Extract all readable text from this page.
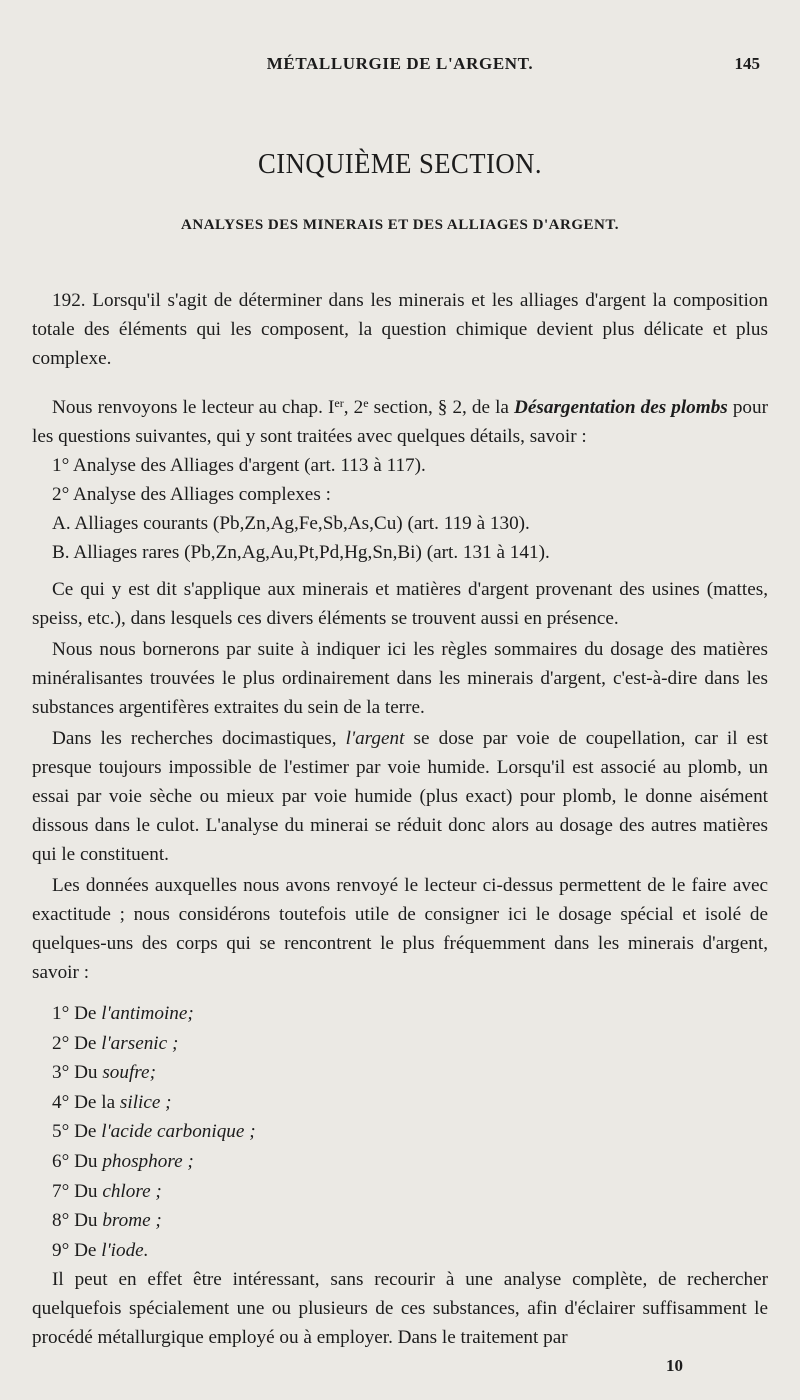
MÉTALLURGIE DE L'ARGENT.	145
CINQUIÈME SECTION.
ANALYSES DES MINERAIS ET DES ALLIAGES D'ARGENT.

192. Lorsqu'il s'agit de déterminer dans les minerais et les alliages d'argent la composition totale des éléments qui les composent, la question chimique devient plus délicate et plus complexe.

Nous renvoyons le lecteur au chap. Ier, 2e section, § 2, de la Désargentation des plombs pour les questions suivantes, qui y sont traitées avec quelques détails, savoir :

1° Analyse des Alliages d'argent (art. 113 à 117).

2° Analyse des Alliages complexes :

A. Alliages courants (Pb,Zn,Ag,Fe,Sb,As,Cu) (art. 119 à 130).

B. Alliages rares (Pb,Zn,Ag,Au,Pt,Pd,Hg,Sn,Bi) (art. 131 à 141).

Ce qui y est dit s'applique aux minerais et matières d'argent provenant des usines (mattes, speiss, etc.), dans lesquels ces divers éléments se trouvent aussi en présence.

Nous nous bornerons par suite à indiquer ici les règles sommaires du dosage des matières minéralisantes trouvées le plus ordinairement dans les minerais d'argent, c'est-à-dire dans les substances argentifères extraites du sein de la terre.

Dans les recherches docimastiques, l'argent se dose par voie de coupellation, car il est presque toujours impossible de l'estimer par voie humide. Lorsqu'il est associé au plomb, un essai par voie sèche ou mieux par voie humide (plus exact) pour plomb, le donne aisément dissous dans le culot. L'analyse du minerai se réduit donc alors au dosage des autres matières qui le constituent.

Les données auxquelles nous avons renvoyé le lecteur ci-dessus permettent de le faire avec exactitude ; nous considérons toutefois utile de consigner ici le dosage spécial et isolé de quelques-uns des corps qui se rencontrent le plus fréquemment dans les minerais d'argent, savoir :

1° De l'antimoine;

2° De l'arsenic ;

3° Du soufre;

4° De la silice ;

5° De l'acide carbonique ;

6° Du phosphore ;

7° Du chlore ;

8° Du brome ;

9° De l'iode.

Il peut en effet être intéressant, sans recourir à une analyse complète, de rechercher quelquefois spécialement une ou plusieurs de ces substances, afin d'éclairer suffisamment le procédé métallurgique employé ou à employer. Dans le traitement par

10
